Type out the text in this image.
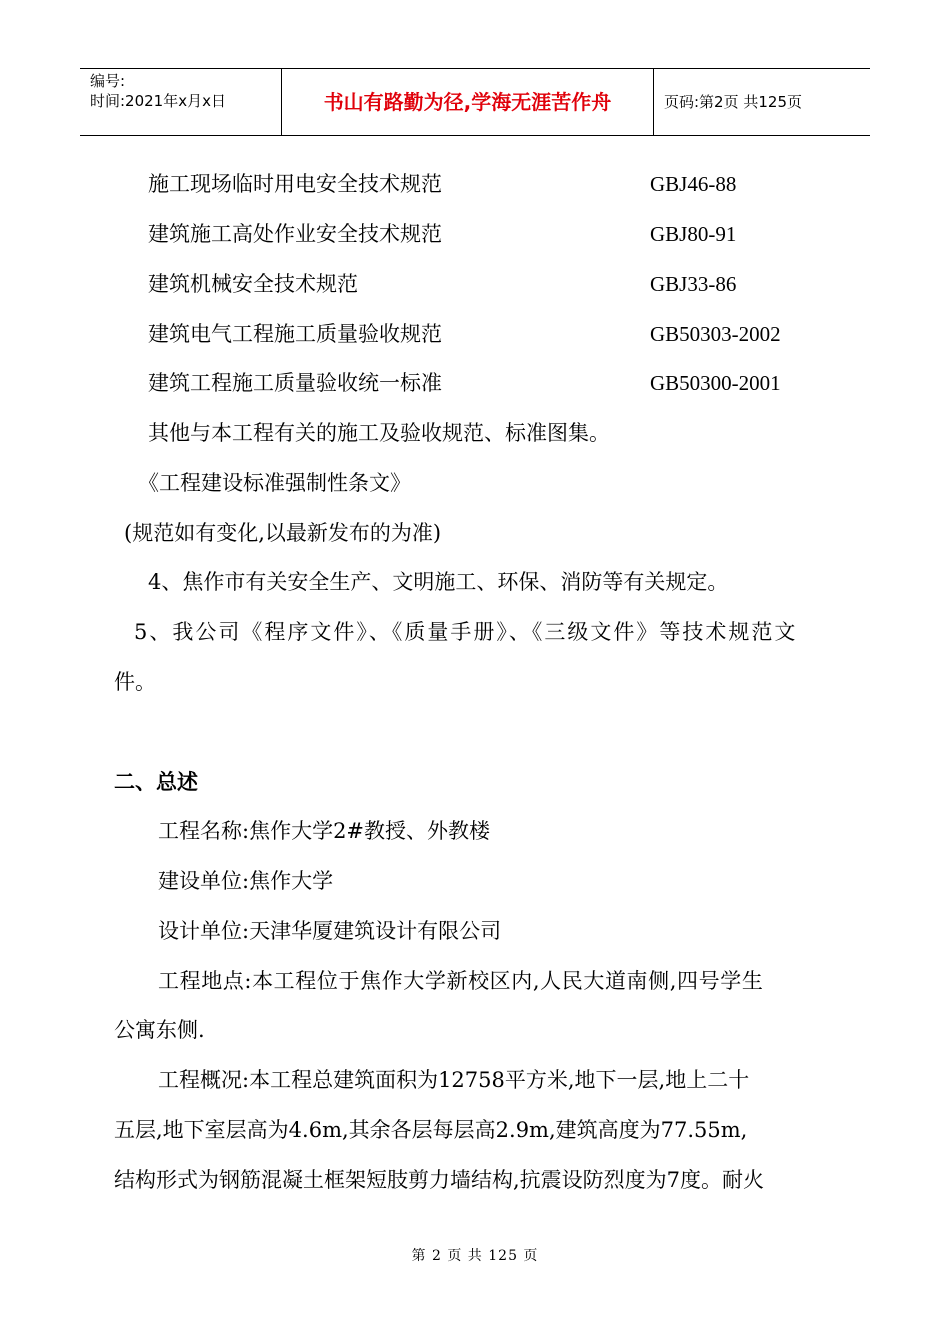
编号:
时间:2021年x月x日	书山有路勤为径,学海无涯苦作舟	页码:第2页 共125页
施工现场临时用电安全技术规范	GBJ46-88
建筑施工高处作业安全技术规范	GBJ80-91
建筑机械安全技术规范	GBJ33-86
建筑电气工程施工质量验收规范	GB50303-2002
建筑工程施工质量验收统一标准	GB50300-2001
其他与本工程有关的施工及验收规范、标准图集。
《工程建设标准强制性条文》
(规范如有变化,以最新发布的为准)
4、焦作市有关安全生产、文明施工、环保、消防等有关规定。
5、我公司《程序文件》、《质量手册》、《三级文件》等技术规范文
件。
二、总述
工程名称:焦作大学2#教授、外教楼
建设单位:焦作大学
设计单位:天津华厦建筑设计有限公司
工程地点:本工程位于焦作大学新校区内,人民大道南侧,四号学生
公寓东侧.
工程概况:本工程总建筑面积为12758平方米,地下一层,地上二十
五层,地下室层高为4.6m,其余各层每层高2.9m,建筑高度为77.55m,
结构形式为钢筋混凝土框架短肢剪力墙结构,抗震设防烈度为7度。耐火
第 2 页 共 125 页
